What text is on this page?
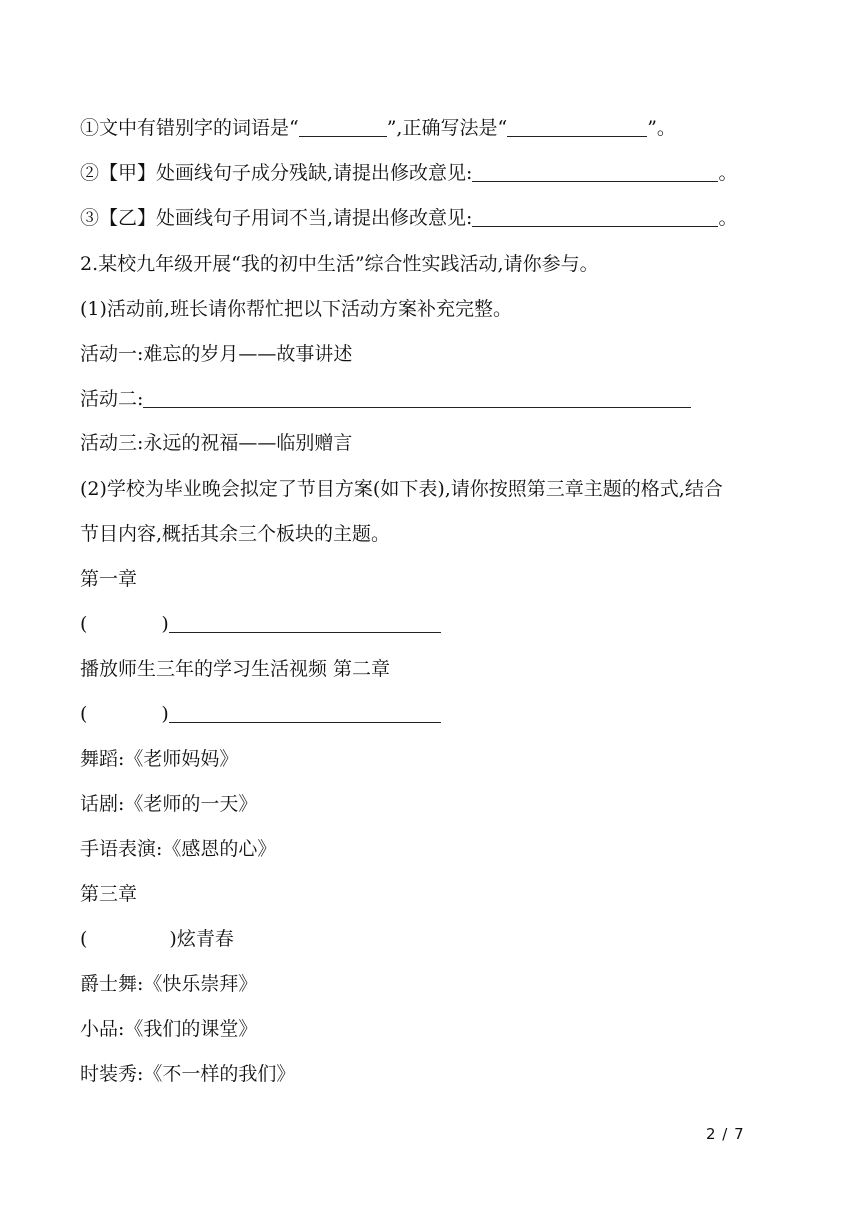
①文中有错别字的词语是“	”,正确写法是“	”。
②【甲】处画线句子成分残缺,请提出修改意见:	。
③【乙】处画线句子用词不当,请提出修改意见:	。
2.某校九年级开展“我的初中生活”综合性实践活动,请你参与。
(1)活动前,班长请你帮忙把以下活动方案补充完整。
活动一:难忘的岁月——故事讲述
活动二:
活动三:永远的祝福——临别赠言
(2)学校为毕业晚会拟定了节目方案(如下表),请你按照第三章主题的格式,结合
节目内容,概括其余三个板块的主题。
第一章
(	)
播放师生三年的学习生活视频 第二章
(	)
舞蹈:《老师妈妈》
话剧:《老师的一天》
手语表演:《感恩的心》
第三章
(	)炫青春
爵士舞:《快乐崇拜》
小品:《我们的课堂》
时装秀:《不一样的我们》
2 / 7
